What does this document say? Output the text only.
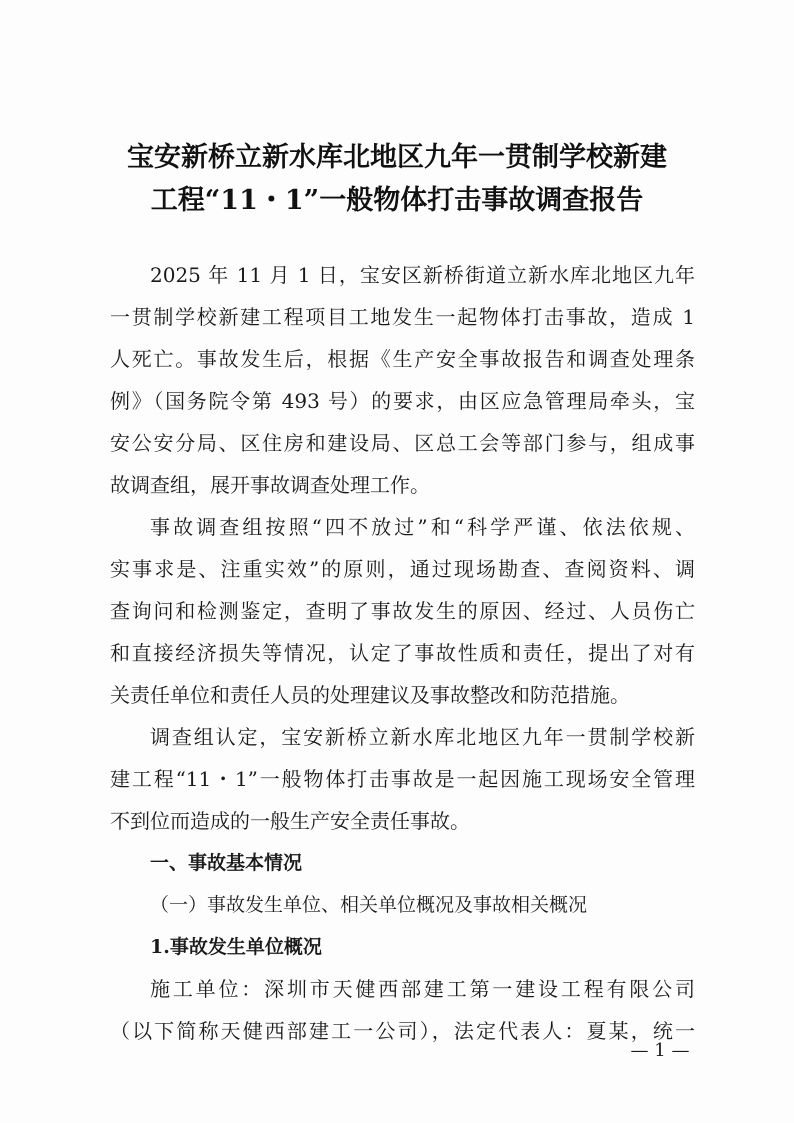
宝安新桥立新水库北地区九年一贯制学校新建
工程“11・1”一般物体打击事故调查报告
2025 年 11 月 1 日，宝安区新桥街道立新水库北地区九年
一贯制学校新建工程项目工地发生一起物体打击事故，造成 1
人死亡。事故发生后，根据《生产安全事故报告和调查处理条
例》（国务院令第 493 号）的要求，由区应急管理局牵头，宝
安公安分局、区住房和建设局、区总工会等部门参与，组成事
故调查组，展开事故调查处理工作。
事故调查组按照“四不放过”和“科学严谨、依法依规、
实事求是、注重实效”的原则，通过现场勘查、查阅资料、调
查询问和检测鉴定，查明了事故发生的原因、经过、人员伤亡
和直接经济损失等情况，认定了事故性质和责任，提出了对有
关责任单位和责任人员的处理建议及事故整改和防范措施。
调查组认定，宝安新桥立新水库北地区九年一贯制学校新
建工程“11・1”一般物体打击事故是一起因施工现场安全管理
不到位而造成的一般生产安全责任事故。
一、事故基本情况
（一）事故发生单位、相关单位概况及事故相关概况
1.事故发生单位概况
施工单位：深圳市天健西部建工第一建设工程有限公司
（以下简称天健西部建工一公司），法定代表人：夏某，统一
— 1 —
